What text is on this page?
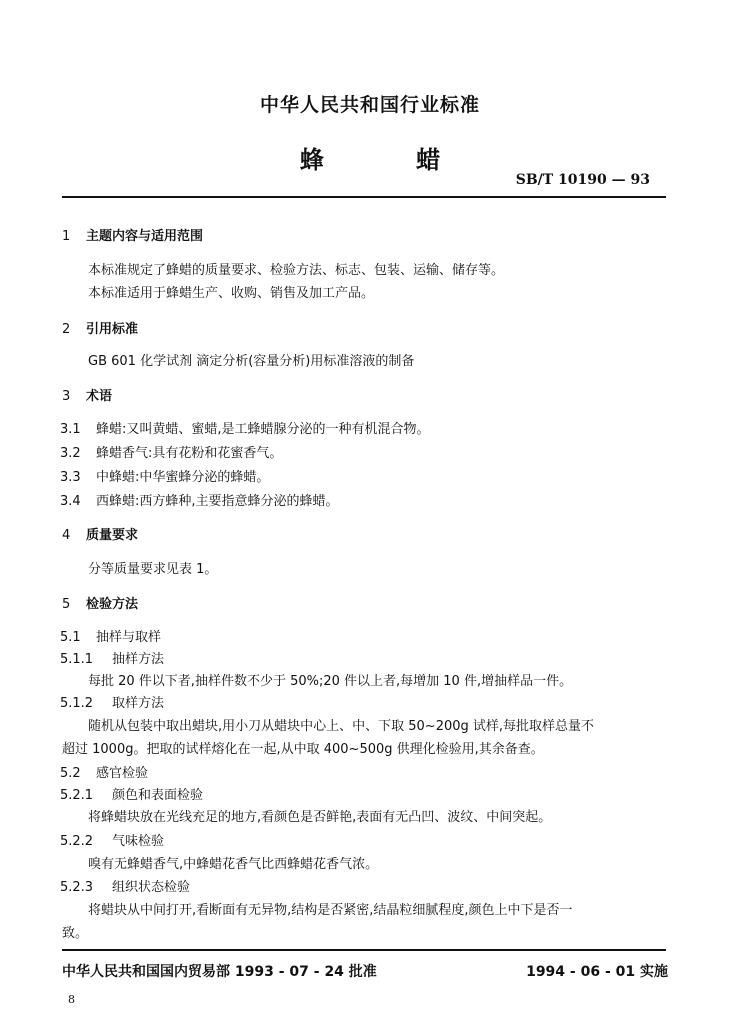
中华人民共和国行业标准
蜂 蜡
SB/T 10190 — 93
1 主题内容与适用范围
本标准规定了蜂蜡的质量要求、检验方法、标志、包装、运输、储存等。
本标准适用于蜂蜡生产、收购、销售及加工产品。
2 引用标准
GB 601 化学试剂 滴定分析(容量分析)用标准溶液的制备
3 术语
3.1 蜂蜡:又叫黄蜡、蜜蜡,是工蜂蜡腺分泌的一种有机混合物。
3.2 蜂蜡香气:具有花粉和花蜜香气。
3.3 中蜂蜡:中华蜜蜂分泌的蜂蜡。
3.4 西蜂蜡:西方蜂种,主要指意蜂分泌的蜂蜡。
4 质量要求
分等质量要求见表 1。
5 检验方法
5.1 抽样与取样
5.1.1 抽样方法
每批 20 件以下者,抽样件数不少于 50%;20 件以上者,每增加 10 件,增抽样品一件。
5.1.2 取样方法
随机从包装中取出蜡块,用小刀从蜡块中心上、中、下取 50~200g 试样,每批取样总量不
超过 1000g。把取的试样熔化在一起,从中取 400~500g 供理化检验用,其余备查。
5.2 感官检验
5.2.1 颜色和表面检验
将蜂蜡块放在光线充足的地方,看颜色是否鲜艳,表面有无凸凹、波纹、中间突起。
5.2.2 气味检验
嗅有无蜂蜡香气,中蜂蜡花香气比西蜂蜡花香气浓。
5.2.3 组织状态检验
将蜡块从中间打开,看断面有无异物,结构是否紧密,结晶粒细腻程度,颜色上中下是否一
致。
中华人民共和国国内贸易部 1993 - 07 - 24 批准	1994 - 06 - 01 实施
8
